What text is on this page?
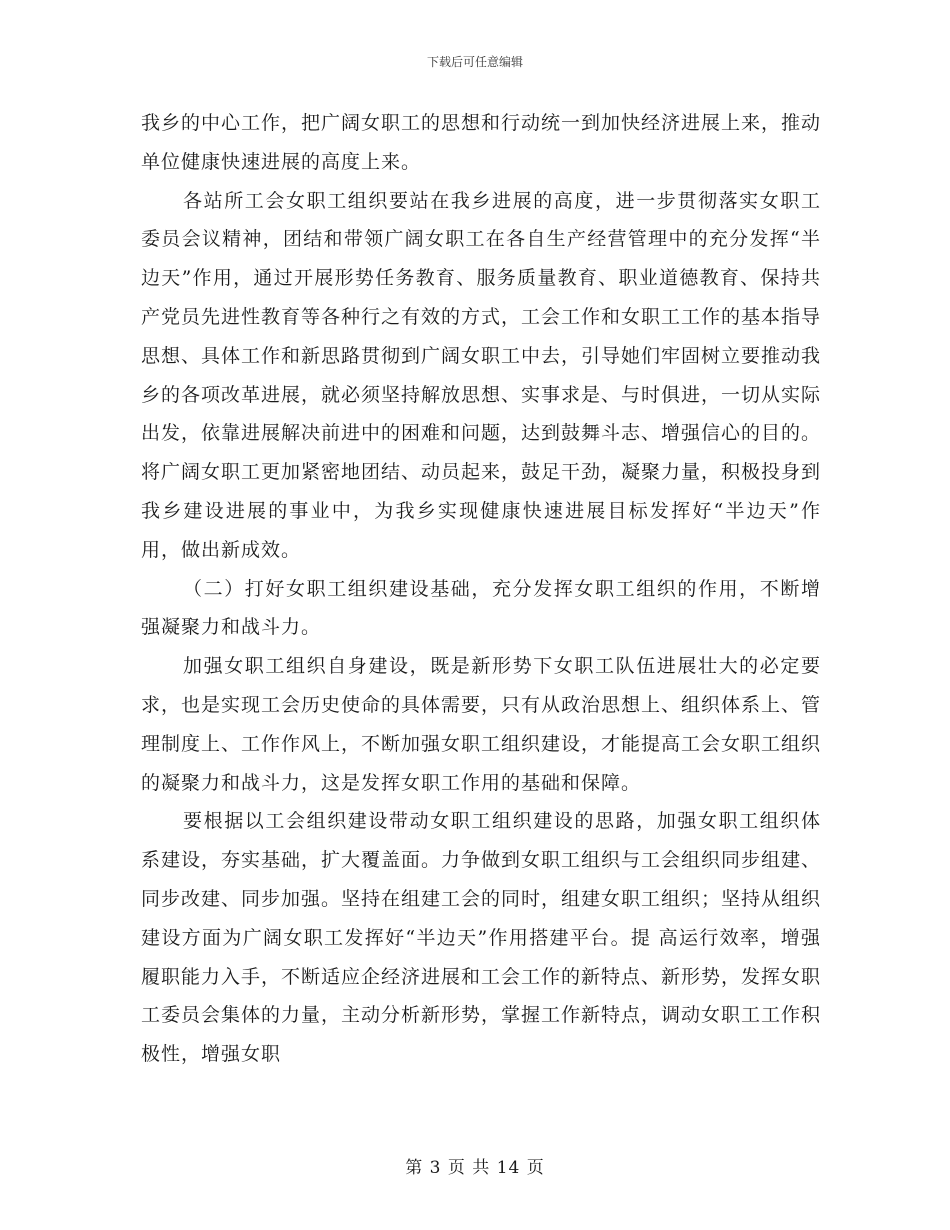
下载后可任意编辑

我乡的中心工作，把广阔女职工的思想和行动统一到加快经济进展上来，推动单位健康快速进展的高度上来。

各站所工会女职工组织要站在我乡进展的高度，进一步贯彻落实女职工委员会议精神，团结和带领广阔女职工在各自生产经营管理中的充分发挥“半边天”作用，通过开展形势任务教育、服务质量教育、职业道德教育、保持共产党员先进性教育等各种行之有效的方式，工会工作和女职工工作的基本指导思想、具体工作和新思路贯彻到广阔女职工中去，引导她们牢固树立要推动我乡的各项改革进展，就必须坚持解放思想、实事求是、与时俱进，一切从实际出发，依靠进展解决前进中的困难和问题，达到鼓舞斗志、增强信心的目的。将广阔女职工更加紧密地团结、动员起来，鼓足干劲，凝聚力量，积极投身到我乡建设进展的事业中，为我乡实现健康快速进展目标发挥好“半边天”作用，做出新成效。

（二）打好女职工组织建设基础，充分发挥女职工组织的作用，不断增强凝聚力和战斗力。

加强女职工组织自身建设，既是新形势下女职工队伍进展壮大的必定要求，也是实现工会历史使命的具体需要，只有从政治思想上、组织体系上、管理制度上、工作作风上，不断加强女职工组织建设，才能提高工会女职工组织的凝聚力和战斗力，这是发挥女职工作用的基础和保障。

要根据以工会组织建设带动女职工组织建设的思路，加强女职工组织体系建设，夯实基础，扩大覆盖面。力争做到女职工组织与工会组织同步组建、同步改建、同步加强。坚持在组建工会的同时，组建女职工组织；坚持从组织建设方面为广阔女职工发挥好“半边天”作用搭建平台。提 高运行效率，增强履职能力入手，不断适应企经济进展和工会工作的新特点、新形势，发挥女职工委员会集体的力量，主动分析新形势，掌握工作新特点，调动女职工工作积极性，增强女职

第 3 页 共 14 页
